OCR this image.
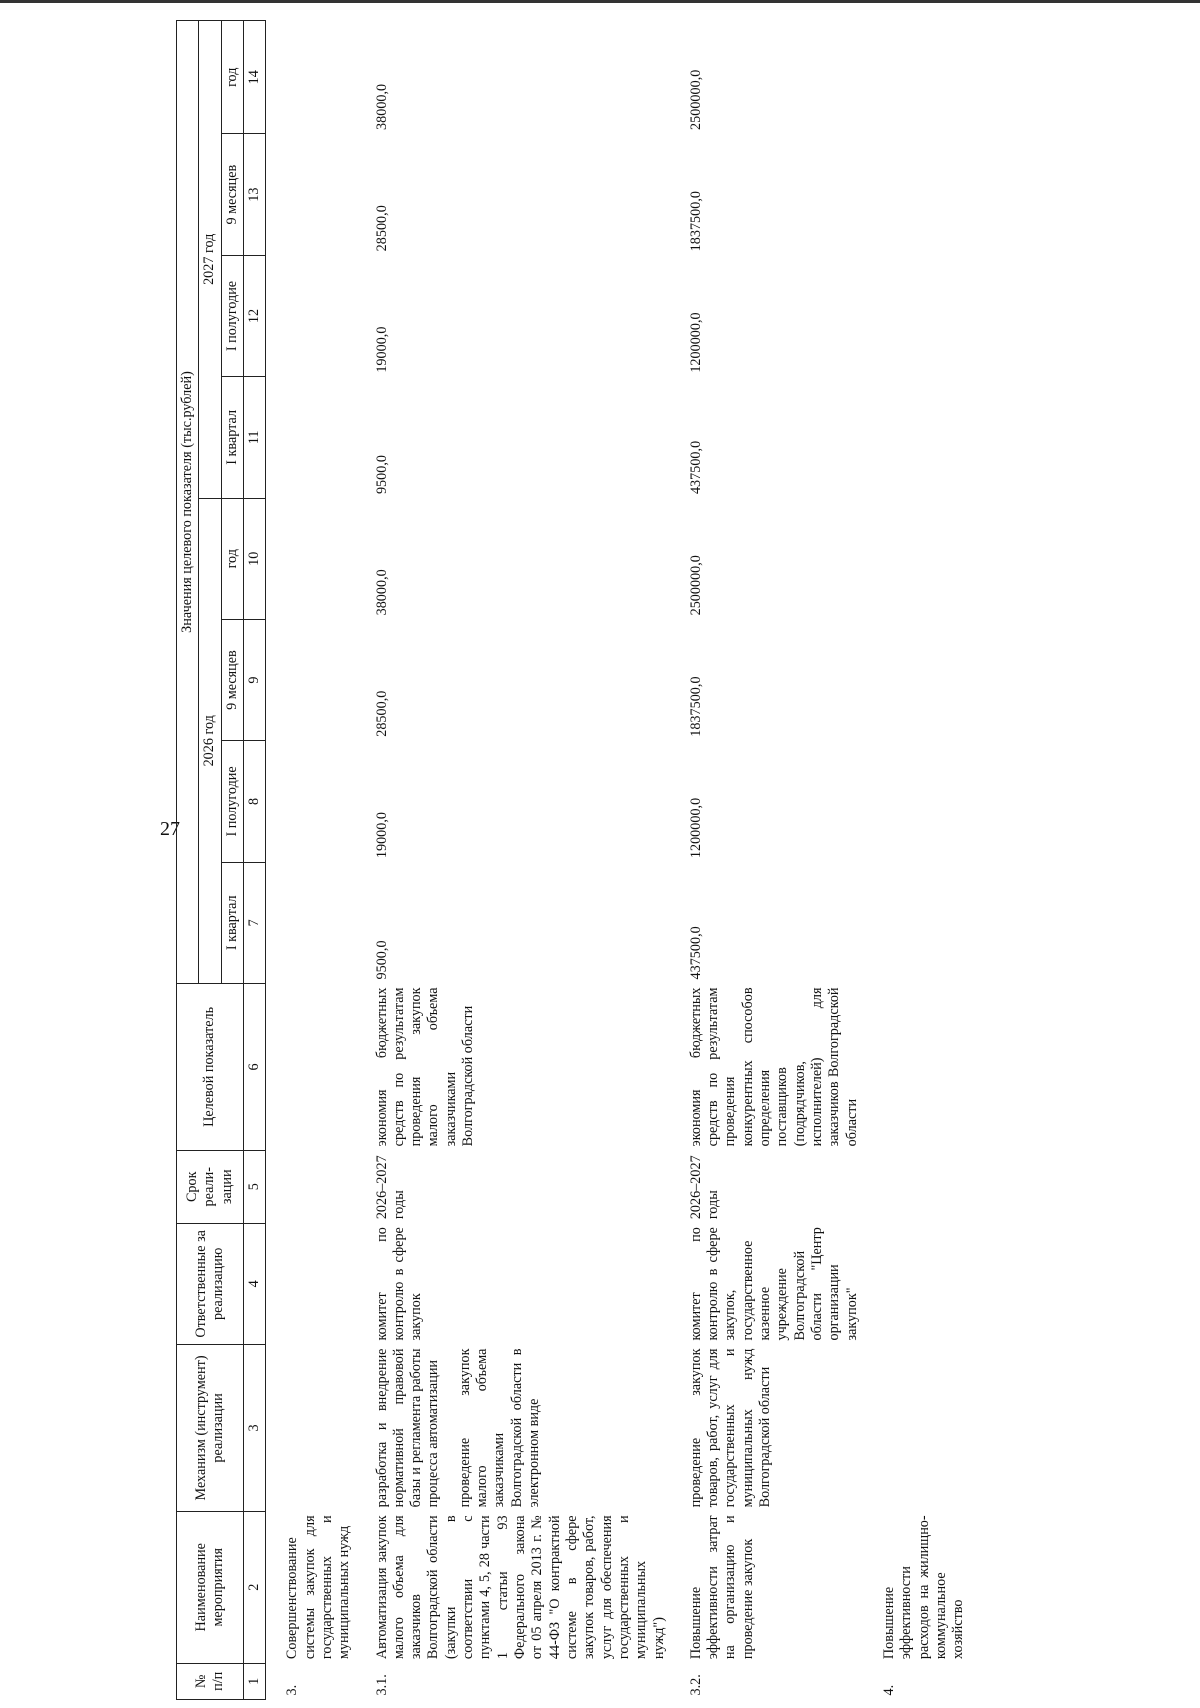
27
№ п/п	Наименование мероприятия	Механизм (инструмент) реализации	Ответственные за реализацию	Срок реали-зации	Целевой показатель	Значения целевого показателя (тыс.рублей)							
						2026 год				2027 год			
						I квартал	I полугодие	9 месяцев	год	I квартал	I полугодие	9 месяцев	год
1	2	3	4	5	6	7	8	9	10	11	12	13	14
3.	Совершенствование системы закупок для государственных и муниципальных нужд												
3.1.	Автоматизация закупок малого объема для заказчиков Волгоградской области (закупки в соответствии с пунктами 4, 5, 28 части 1 статьи 93 Федерального закона от 05 апреля 2013 г. № 44-ФЗ "О контрактной системе в сфере закупок товаров, работ, услуг для обеспечения государственных и муниципальных нужд")	разработка и внедрение нормативной правовой базы и регламента работы процесса автоматизации проведение закупок малого объема заказчиками Волгоградской области в электронном виде	комитет по контролю в сфере закупок	2026–2027 годы	экономия бюджетных средств по результатам проведения закупок малого объема заказчиками Волгоградской области	9500,0	19000,0	28500,0	38000,0	9500,0	19000,0	28500,0	38000,0
3.2.	Повышение эффективности затрат на организацию и проведение закупок	проведение закупок товаров, работ, услуг для государственных и муниципальных нужд Волгоградской области	комитет по контролю в сфере закупок, государственное казенное учреждение Волгоградской области "Центр организации закупок"	2026–2027 годы	экономия бюджетных средств по результатам проведения конкурентных способов определения поставщиков (подрядчиков, исполнителей) для заказчиков Волгоградской области	437500,0	1200000,0	1837500,0	2500000,0	437500,0	1200000,0	1837500,0	2500000,0
4.	Повышение эффективности расходов на жилищно-коммунальное хозяйство												
